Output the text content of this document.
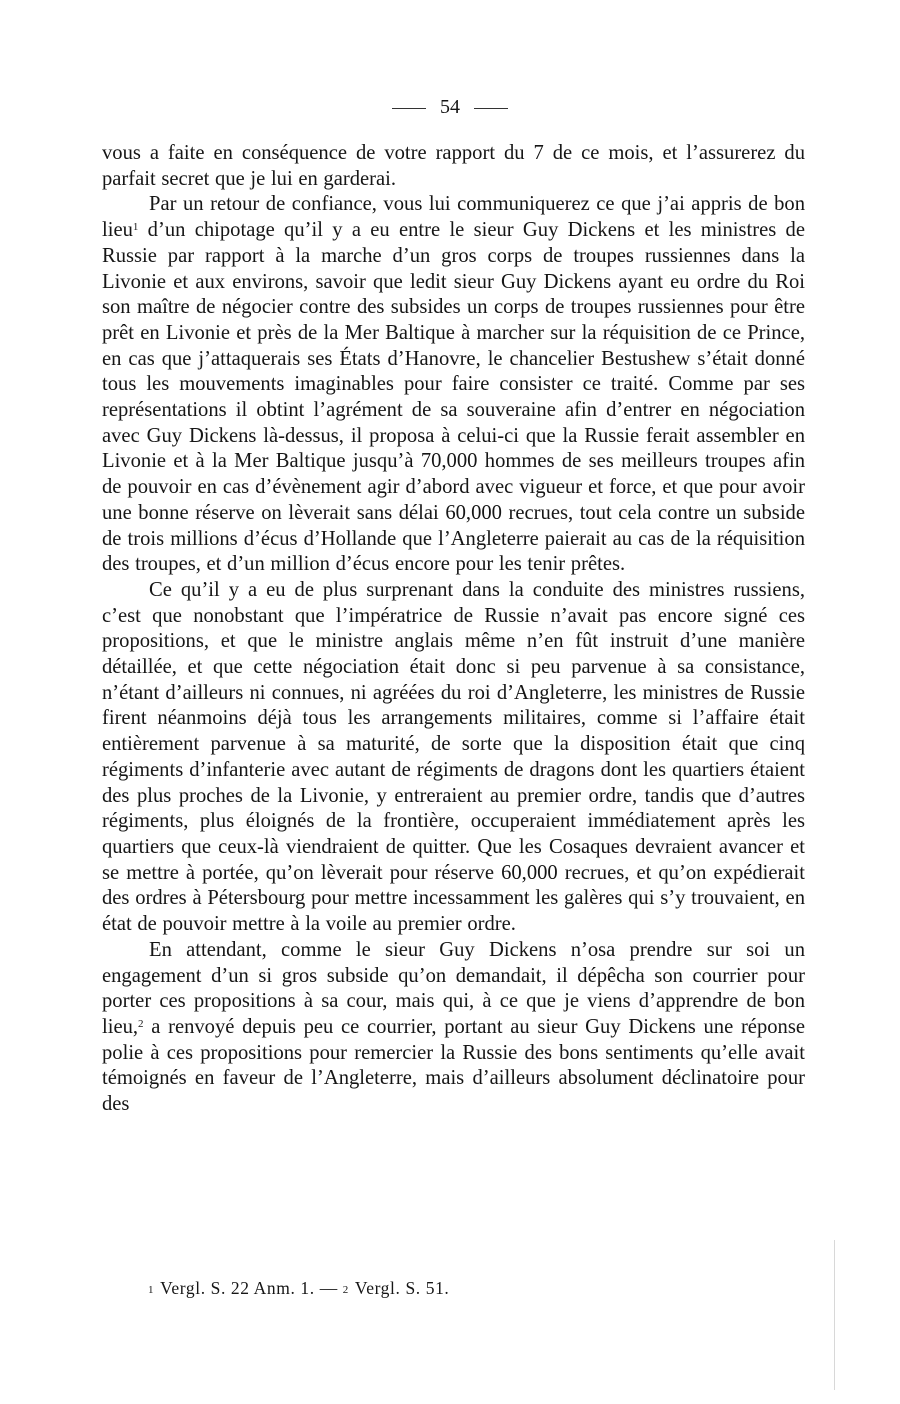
54

vous a faite en conséquence de votre rapport du 7 de ce mois, et l’assurerez du parfait secret que je lui en garderai.

Par un retour de confiance, vous lui communiquerez ce que j’ai appris de bon lieu$^1$ d’un chipotage qu’il y a eu entre le sieur Guy Dickens et les ministres de Russie par rapport à la marche d’un gros corps de troupes russiennes dans la Livonie et aux environs, savoir que ledit sieur Guy Dickens ayant eu ordre du Roi son maître de négocier contre des subsides un corps de troupes russiennes pour être prêt en Livonie et près de la Mer Baltique à marcher sur la réquisition de ce Prince, en cas que j’attaquerais ses États d’Hanovre, le chancelier Bestushew s’était donné tous les mouvements imaginables pour faire consister ce traité. Comme par ses représentations il obtint l’agrément de sa souveraine afin d’entrer en négociation avec Guy Dickens là-dessus, il proposa à celui-ci que la Russie ferait assembler en Livonie et à la Mer Baltique jusqu’à 70,000 hommes de ses meilleurs troupes afin de pouvoir en cas d’évènement agir d’abord avec vigueur et force, et que pour avoir une bonne réserve on lèverait sans délai 60,000 recrues, tout cela contre un subside de trois millions d’écus d’Hollande que l’Angleterre paierait au cas de la réquisition des troupes, et d’un million d’écus encore pour les tenir prêtes.

Ce qu’il y a eu de plus surprenant dans la conduite des ministres russiens, c’est que nonobstant que l’impératrice de Russie n’avait pas encore signé ces propositions, et que le ministre anglais même n’en fût instruit d’une manière détaillée, et que cette négociation était donc si peu parvenue à sa consistance, n’étant d’ailleurs ni connues, ni agréées du roi d’Angleterre, les ministres de Russie firent néanmoins déjà tous les arrangements militaires, comme si l’affaire était entièrement parvenue à sa maturité, de sorte que la disposition était que cinq régiments d’infanterie avec autant de régiments de dragons dont les quartiers étaient des plus proches de la Livonie, y entreraient au premier ordre, tandis que d’autres régiments, plus éloignés de la frontière, occuperaient immédiatement après les quartiers que ceux-là viendraient de quitter. Que les Cosaques devraient avancer et se mettre à portée, qu’on lèverait pour réserve 60,000 recrues, et qu’on expédierait des ordres à Pétersbourg pour mettre incessamment les galères qui s’y trouvaient, en état de pouvoir mettre à la voile au premier ordre.

En attendant, comme le sieur Guy Dickens n’osa prendre sur soi un engagement d’un si gros subside qu’on demandait, il dépêcha son courrier pour porter ces propositions à sa cour, mais qui, à ce que je viens d’apprendre de bon lieu,$^2$ a renvoyé depuis peu ce courrier, portant au sieur Guy Dickens une réponse polie à ces propositions pour remercier la Russie des bons sentiments qu’elle avait témoignés en faveur de l’Angleterre, mais d’ailleurs absolument déclinatoire pour des

1 Vergl. S. 22 Anm. 1. — 2 Vergl. S. 51.
